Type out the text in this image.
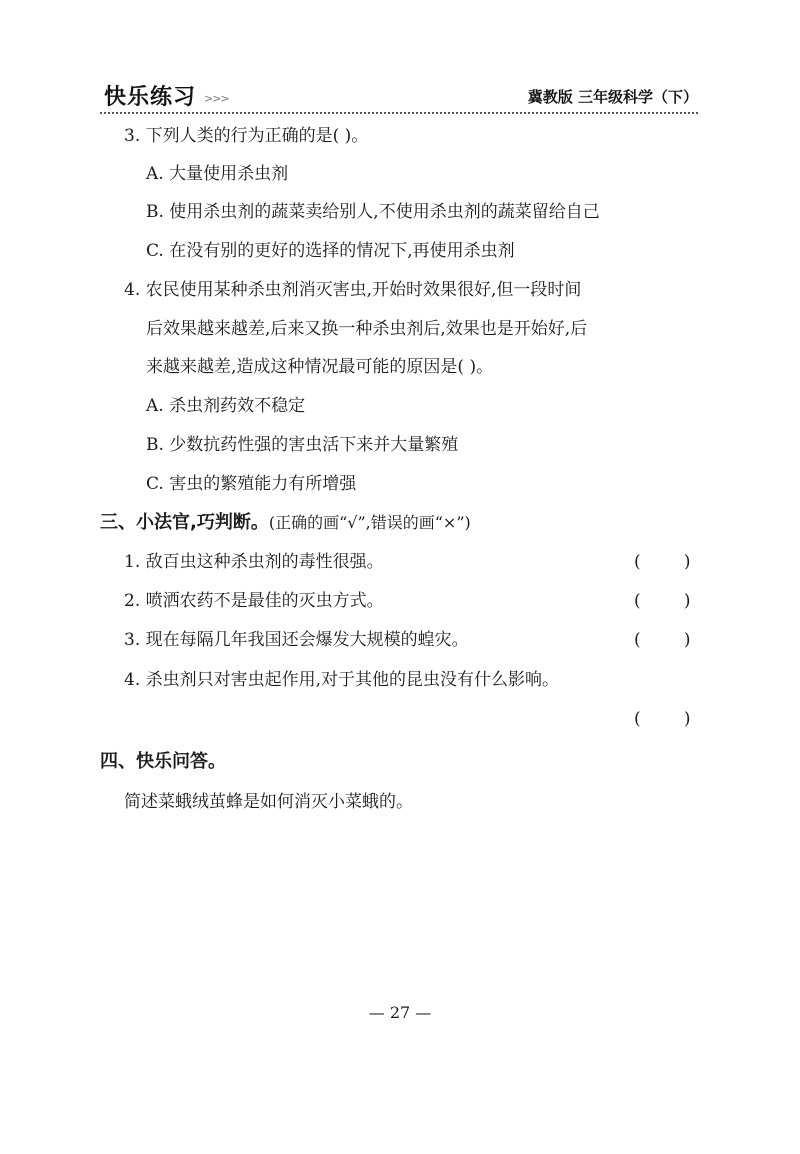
快乐练习 >>>	冀教版 三年级科学（下）
3. 下列人类的行为正确的是( )。
A. 大量使用杀虫剂
B. 使用杀虫剂的蔬菜卖给别人,不使用杀虫剂的蔬菜留给自己
C. 在没有别的更好的选择的情况下,再使用杀虫剂
4. 农民使用某种杀虫剂消灭害虫,开始时效果很好,但一段时间
后效果越来越差,后来又换一种杀虫剂后,效果也是开始好,后
来越来越差,造成这种情况最可能的原因是( )。
A. 杀虫剂药效不稳定
B. 少数抗药性强的害虫活下来并大量繁殖
C. 害虫的繁殖能力有所增强
三、小法官,巧判断。(正确的画“√”,错误的画“×”)
1. 敌百虫这种杀虫剂的毒性很强。	(        )
2. 喷洒农药不是最佳的灭虫方式。	(        )
3. 现在每隔几年我国还会爆发大规模的蝗灾。	(        )
4. 杀虫剂只对害虫起作用,对于其他的昆虫没有什么影响。
(        )
四、快乐问答。
简述菜蛾绒茧蜂是如何消灭小菜蛾的。
— 27 —
